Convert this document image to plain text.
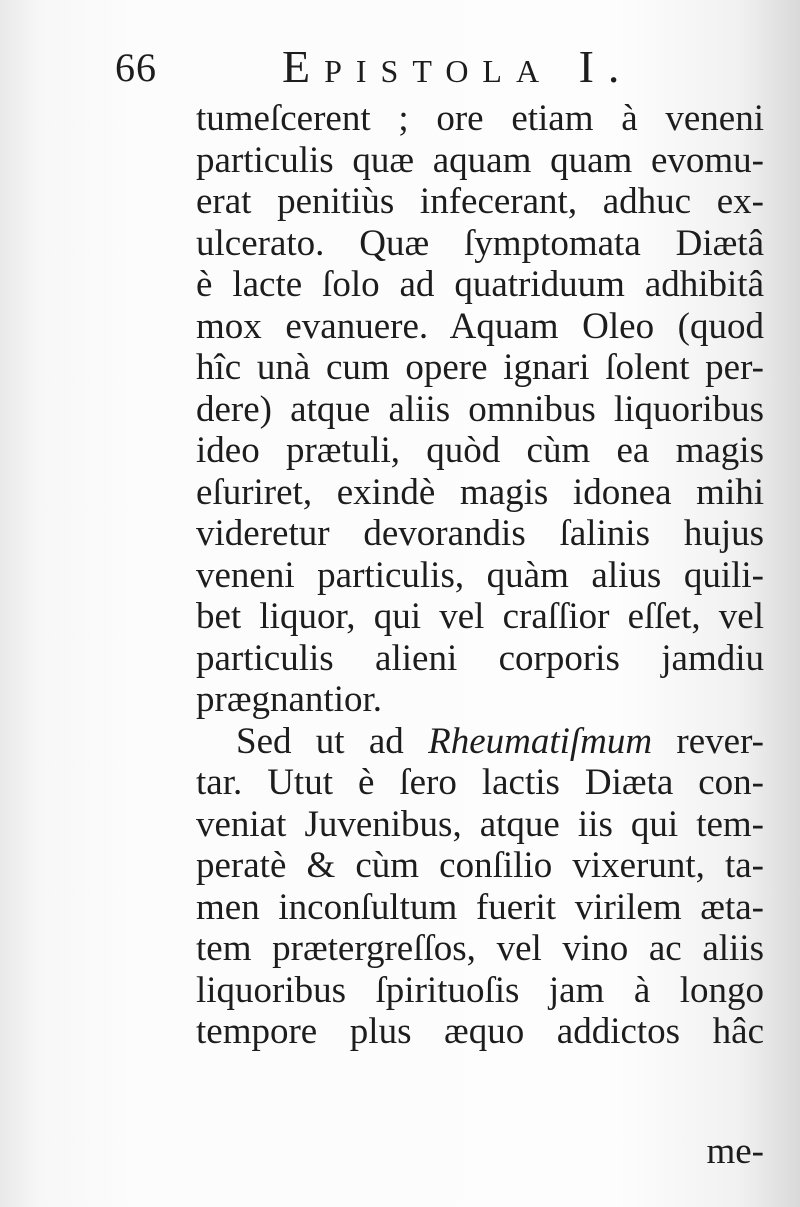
66	Epistola I.
tumeſcerent ; ore etiam à veneni
particulis quæ aquam quam evomu-
erat penitiùs infecerant, adhuc ex-
ulcerato. Quæ ſymptomata Diætâ
è lacte ſolo ad quatriduum adhibitâ
mox evanuere. Aquam Oleo (quod
hîc unà cum opere ignari ſolent per-
dere) atque aliis omnibus liquoribus
ideo prætuli, quòd cùm ea magis
eſuriret, exindè magis idonea mihi
videretur devorandis ſalinis hujus
veneni particulis, quàm alius quili-
bet liquor, qui vel craſſior eſſet, vel
particulis alieni corporis jamdiu
prægnantior.
Sed ut ad Rheumatiſmum rever-
tar. Utut è ſero lactis Diæta con-
veniat Juvenibus, atque iis qui tem-
peratè & cùm conſilio vixerunt, ta-
men inconſultum fuerit virilem æta-
tem prætergreſſos, vel vino ac aliis
liquoribus ſpirituoſis jam à longo
tempore plus æquo addictos hâc
me-
